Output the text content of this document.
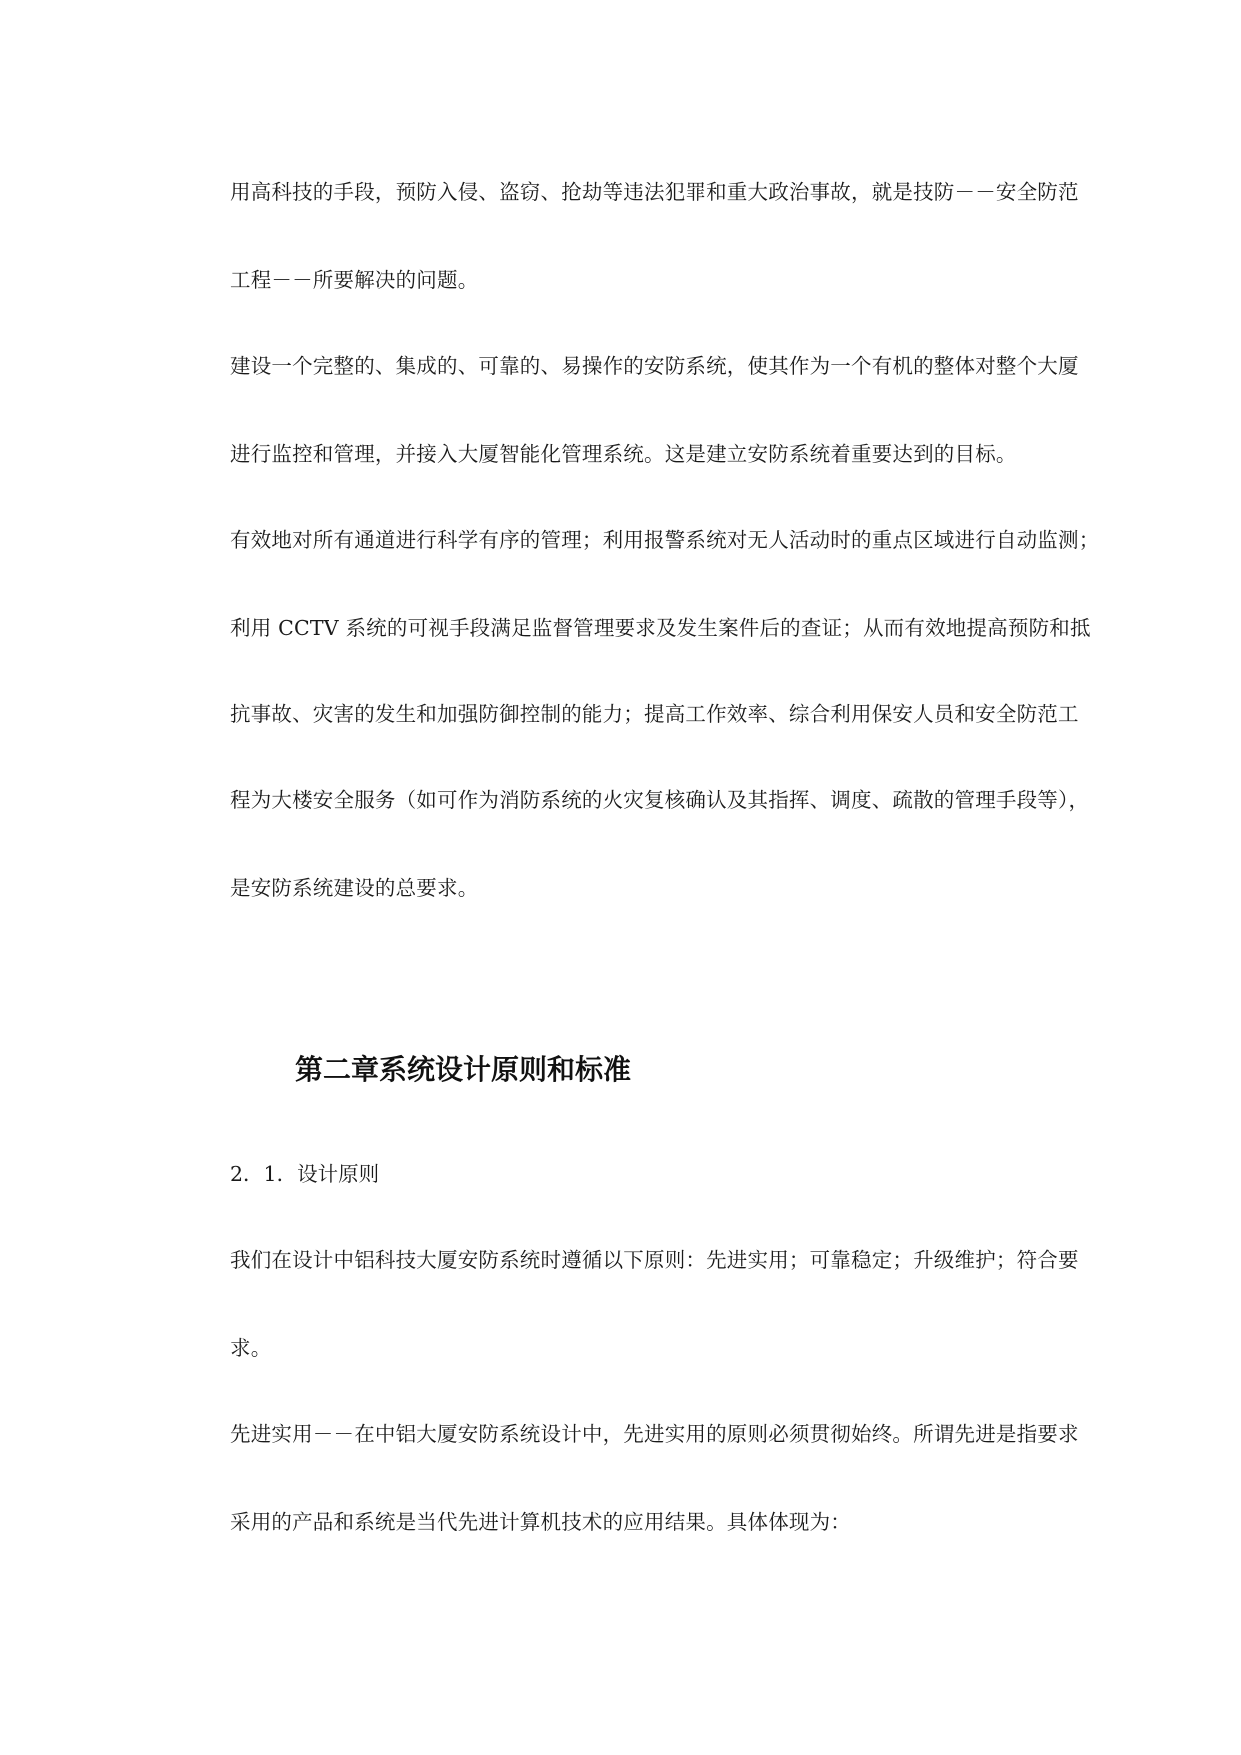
用高科技的手段，预防入侵、盗窃、抢劫等违法犯罪和重大政治事故，就是技防－－安全防范
工程－－所要解决的问题。
建设一个完整的、集成的、可靠的、易操作的安防系统，使其作为一个有机的整体对整个大厦
进行监控和管理，并接入大厦智能化管理系统。这是建立安防系统着重要达到的目标。
有效地对所有通道进行科学有序的管理；利用报警系统对无人活动时的重点区域进行自动监测；
利用 CCTV 系统的可视手段满足监督管理要求及发生案件后的查证；从而有效地提高预防和抵
抗事故、灾害的发生和加强防御控制的能力；提高工作效率、综合利用保安人员和安全防范工
程为大楼安全服务（如可作为消防系统的火灾复核确认及其指挥、调度、疏散的管理手段等），
是安防系统建设的总要求。
第二章系统设计原则和标准
2．1．设计原则
我们在设计中铝科技大厦安防系统时遵循以下原则：先进实用；可靠稳定；升级维护；符合要
求。
先进实用－－在中铝大厦安防系统设计中，先进实用的原则必须贯彻始终。所谓先进是指要求
采用的产品和系统是当代先进计算机技术的应用结果。具体体现为：
